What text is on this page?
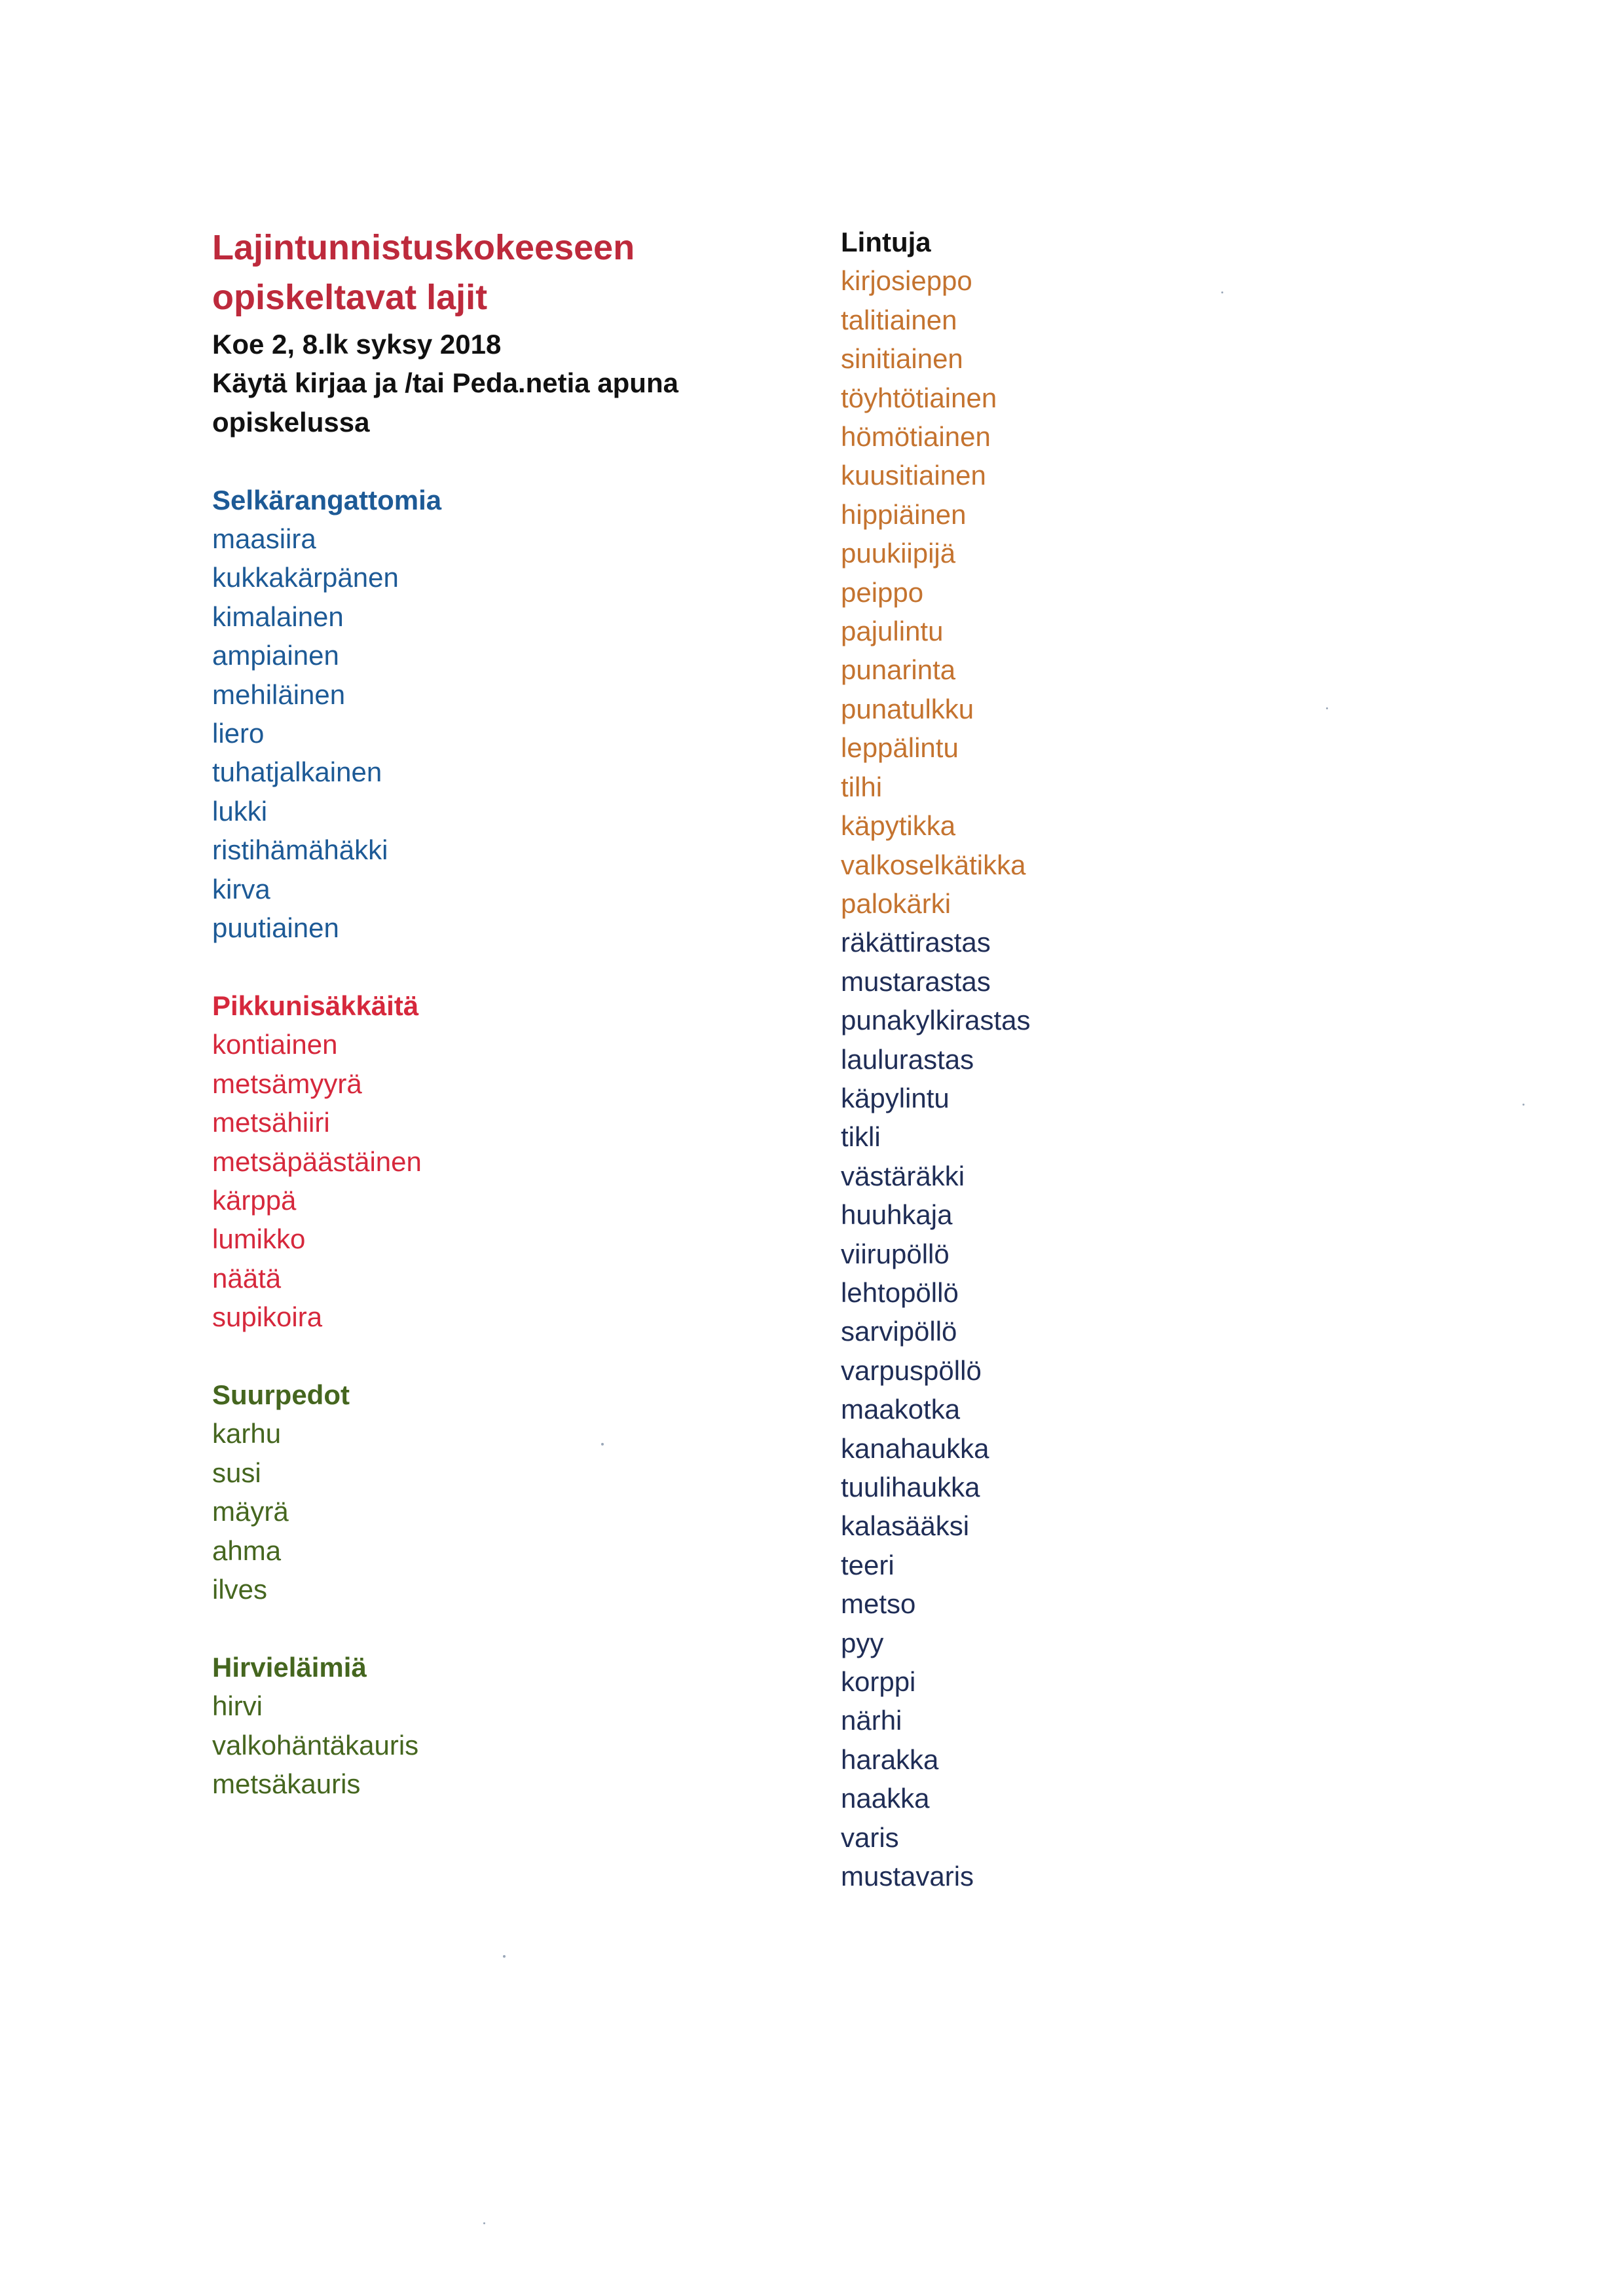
Lajintunnistuskokeeseen
opiskeltavat lajit

Koe 2, 8.lk syksy 2018

Käytä kirjaa ja /tai Peda.netia apuna

opiskelussa

Selkärangattomia

maasiira

kukkakärpänen

kimalainen

ampiainen

mehiläinen

liero

tuhatjalkainen

lukki

ristihämähäkki

kirva

puutiainen

Pikkunisäkkäitä

kontiainen

metsämyyrä

metsähiiri

metsäpäästäinen

kärppä

lumikko

näätä

supikoira

Suurpedot

karhu

susi

mäyrä

ahma

ilves

Hirvieläimiä

hirvi

valkohäntäkauris

metsäkauris

Lintuja

kirjosieppo

talitiainen

sinitiainen

töyhtötiainen

hömötiainen

kuusitiainen

hippiäinen

puukiipijä

peippo

pajulintu

punarinta

punatulkku

leppälintu

tilhi

käpytikka

valkoselkätikka

palokärki

räkättirastas

mustarastas

punakylkirastas

laulurastas

käpylintu

tikli

västäräkki

huuhkaja

viirupöllö

lehtopöllö

sarvipöllö

varpuspöllö

maakotka

kanahaukka

tuulihaukka

kalasääksi

teeri

metso

pyy

korppi

närhi

harakka

naakka

varis

mustavaris
